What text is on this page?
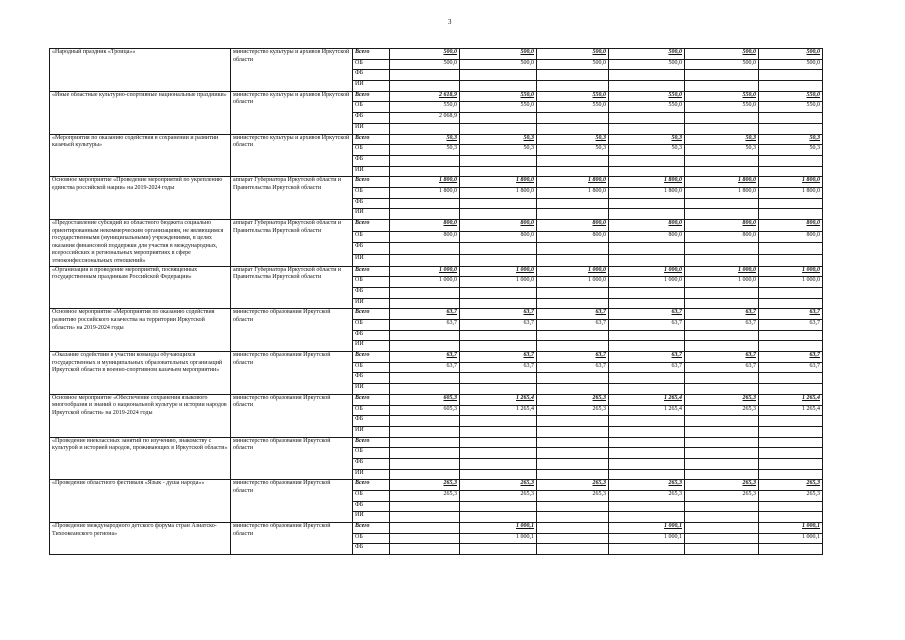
3
«Народный праздник «Троица»»	министерство культуры и архивов Иркутской области	Всего	500,0	500,0	500,0	500,0	500,0	500,0
		ОБ	500,0	500,0	500,0	500,0	500,0	500,0
		ФБ						
		ИИ						
«Иные областные культурно-спортивные национальные праздники»	министерство культуры и архивов Иркутской области	Всего	2 618,9	550,0	550,0	550,0	550,0	550,0
		ОБ	550,0	550,0	550,0	550,0	550,0	550,0
		ФБ	2 068,9					
		ИИ						
«Мероприятия по оказанию содействия в сохранении и развитии казачьей культуры»	министерство культуры и архивов Иркутской области	Всего	50,3	50,3	50,3	50,3	50,3	50,3
		ОБ	50,3	50,3	50,3	50,3	50,3	50,3
		ФБ						
		ИИ						
Основное мероприятие «Проведение мероприятий по укреплению единства российской нации» на 2019-2024 годы	аппарат Губернатора Иркутской области и Правительства Иркутской области	Всего	1 800,0	1 800,0	1 800,0	1 800,0	1 800,0	1 800,0
		ОБ	1 800,0	1 800,0	1 800,0	1 800,0	1 800,0	1 800,0
		ФБ						
		ИИ						
«Предоставление субсидий из областного бюджета социально ориентированным некоммерческим организациям, не являющимся государственными (муниципальными) учреждениями, в целях оказания финансовой поддержки для участия в международных, всероссийских и региональных мероприятиях в сфере этноконфессиональных отношений»	аппарат Губернатора Иркутской области и Правительства Иркутской области	Всего	800,0	800,0	800,0	800,0	800,0	800,0
		ОБ	800,0	800,0	800,0	800,0	800,0	800,0
		ФБ						
		ИИ						
«Организация и проведение мероприятий, посвященных государственным праздникам Российской Федерации»	аппарат Губернатора Иркутской области и Правительства Иркутской области	Всего	1 000,0	1 000,0	1 000,0	1 000,0	1 000,0	1 000,0
		ОБ	1 000,0	1 000,0	1 000,0	1 000,0	1 000,0	1 000,0
		ФБ						
		ИИ						
Основное мероприятие «Мероприятия по оказанию содействия развитию российского казачества на территории Иркутской области» на 2019-2024 годы	министерство образования Иркутской области	Всего	63,7	63,7	63,7	63,7	63,7	63,7
		ОБ	63,7	63,7	63,7	63,7	63,7	63,7
		ФБ						
		ИИ						
«Оказание содействия в участии команды обучающихся государственных и муниципальных образовательных организаций Иркутской области в военно-спортивном казачьем мероприятии»	министерство образования Иркутской области	Всего	63,7	63,7	63,7	63,7	63,7	63,7
		ОБ	63,7	63,7	63,7	63,7	63,7	63,7
		ФБ						
		ИИ						
Основное мероприятие «Обеспечение сохранения языкового многообразия и знаний о национальной культуре и истории народов Иркутской области» на 2019-2024 годы	министерство образования Иркутской области	Всего	605,3	1 265,4	265,3	1 265,4	265,3	1 265,4
		ОБ	605,3	1 265,4	265,3	1 265,4	265,3	1 265,4
		ФБ						
		ИИ						
«Проведение внеклассных занятий по изучению, знакомству с культурой и историей народов, проживающих в Иркутской области»	министерство образования Иркутской области	Всего						
		ОБ						
		ФБ						
		ИИ						
«Проведение областного фестиваля «Язык - душа народа»»	министерство образования Иркутской области	Всего	265,3	265,3	265,3	265,3	265,3	265,3
		ОБ	265,3	265,3	265,3	265,3	265,3	265,3
		ФБ						
		ИИ						
«Проведение международного детского форума стран Азиатско-Тихоокеанского региона»	министерство образования Иркутской области	Всего		1 000,1		1 000,1		1 000,1
		ОБ		1 000,1		1 000,1		1 000,1
		ФБ						
